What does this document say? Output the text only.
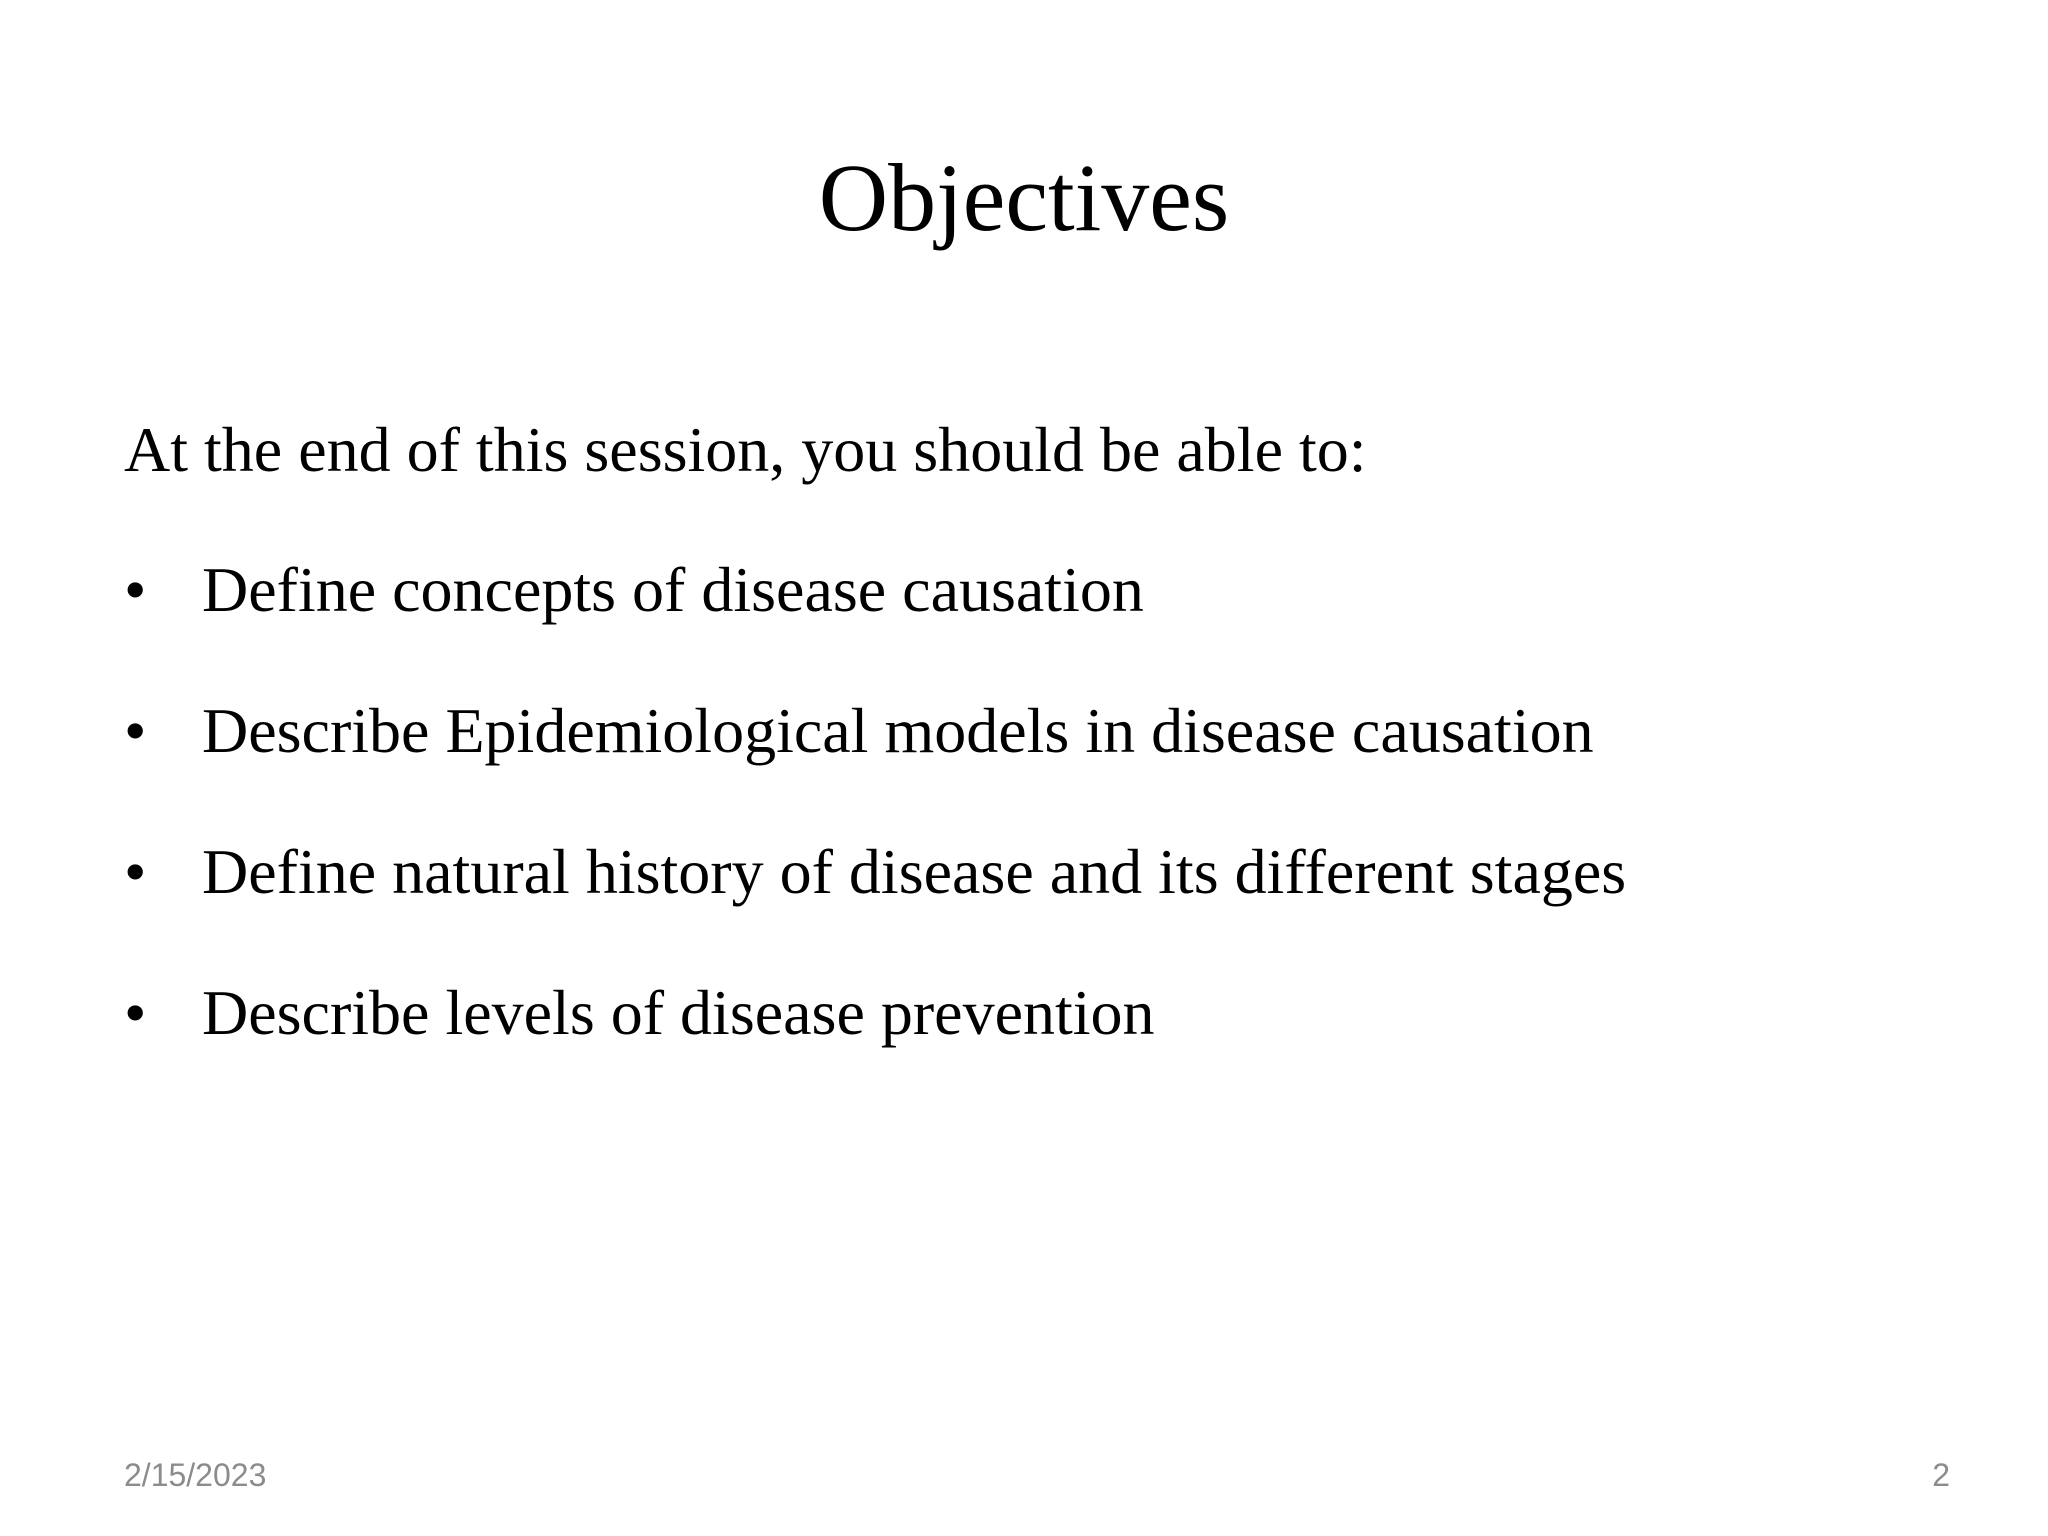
Objectives

At the end of this session, you should be able to:

• Define concepts of disease causation
• Describe Epidemiological models in disease causation
• Define natural history of disease and its different stages
• Describe levels of disease prevention
2/15/2023	2
